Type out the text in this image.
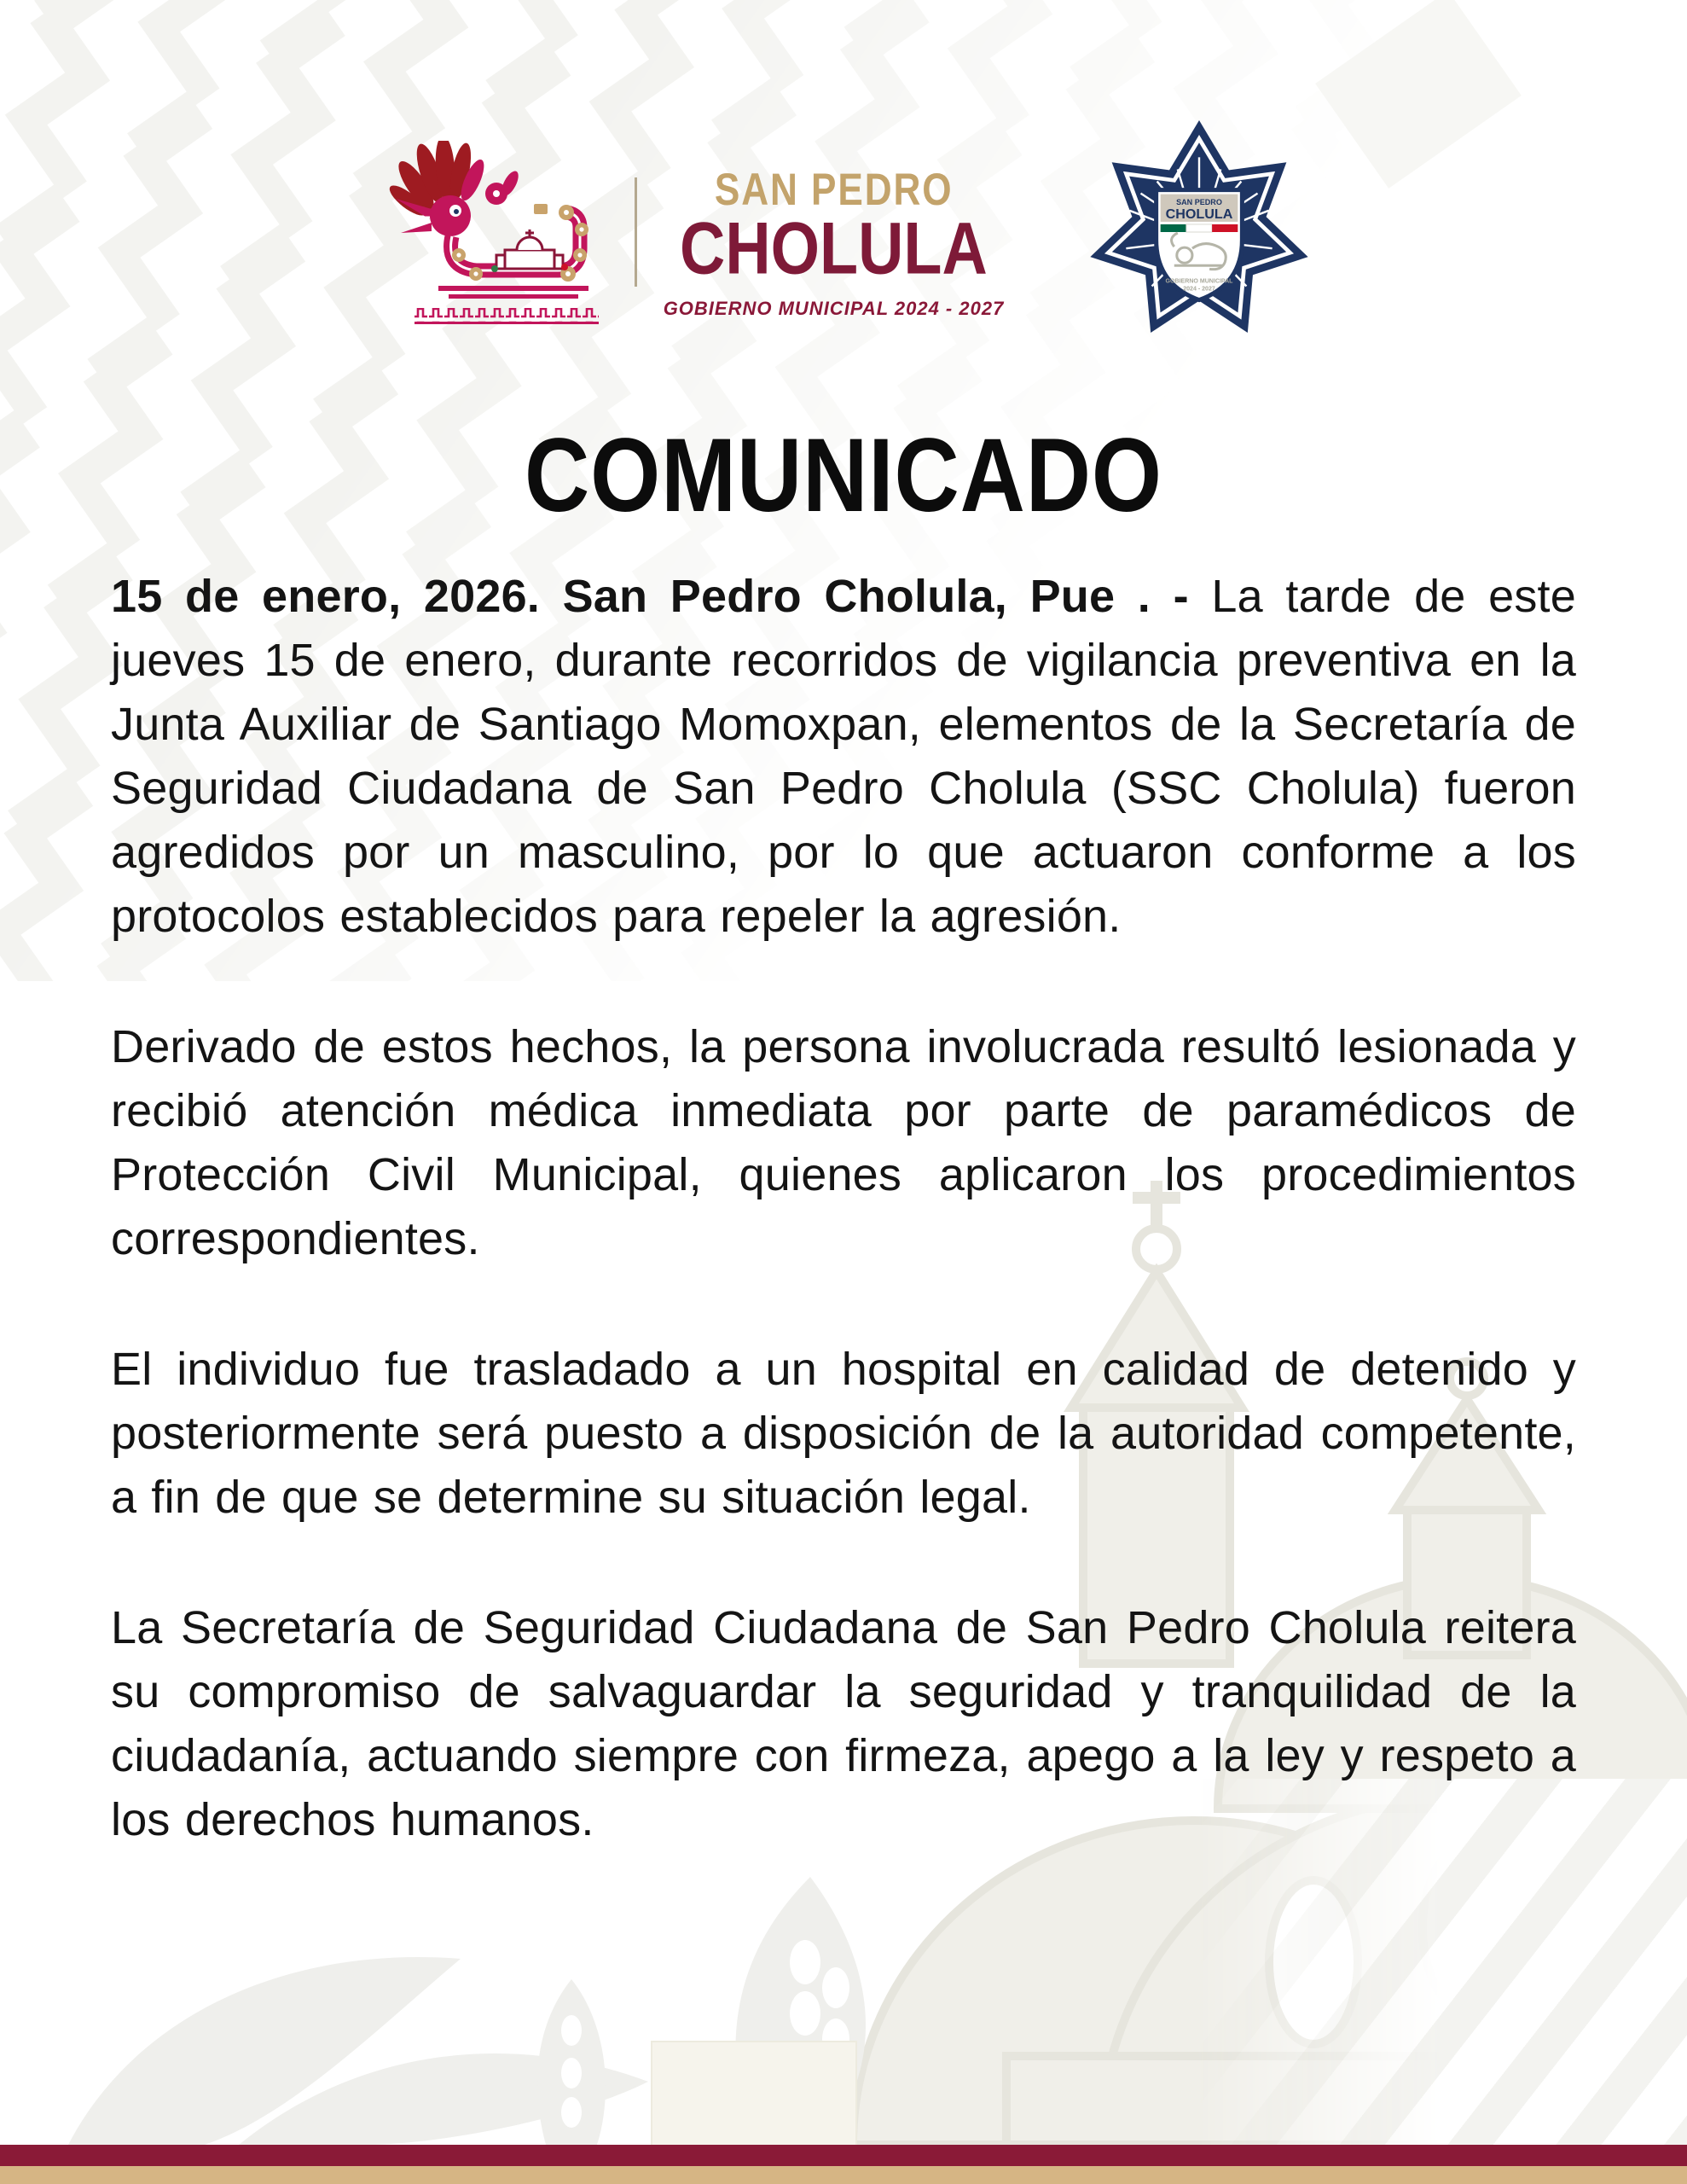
SAN PEDRO
CHOLULA
GOBIERNO MUNICIPAL 2024 - 2027
SAN PEDRO
CHOLULA
GOBIERNO MUNICIPAL
2024 - 2027
COMUNICADO

15 de enero, 2026. San Pedro Cholula, Pue . - La tarde de este jueves 15 de enero, durante recorridos de vigilancia preventiva en la Junta Auxiliar de Santiago Momoxpan, elementos de la Secretaría de Seguridad Ciudadana de San Pedro Cholula (SSC Cholula) fueron agredidos por un masculino, por lo que actuaron conforme a los protocolos establecidos para repeler la agresión.

Derivado de estos hechos, la persona involucrada resultó lesionada y recibió atención médica inmediata por parte de paramédicos de Protección Civil Municipal, quienes aplicaron los procedimientos correspondientes.

El individuo fue trasladado a un hospital en calidad de detenido y posteriormente será puesto a disposición de la autoridad competente, a fin de que se determine su situación legal.

La Secretaría de Seguridad Ciudadana de San Pedro Cholula reitera su compromiso de salvaguardar la seguridad y tranquilidad de la ciudadanía, actuando siempre con firmeza, apego a la ley y respeto a los derechos humanos.
